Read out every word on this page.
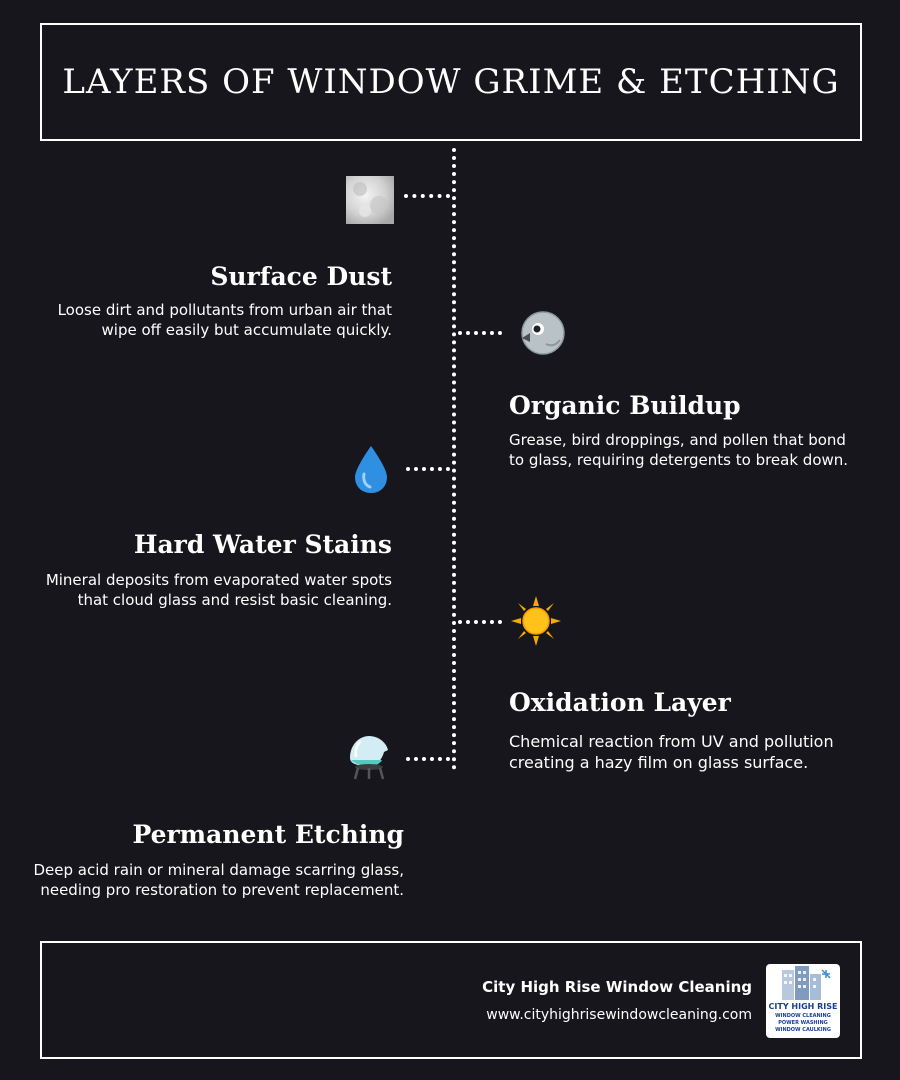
LAYERS OF WINDOW GRIME & ETCHING
Surface Dust

Loose dirt and pollutants from urban air that wipe off easily but accumulate quickly.

Organic Buildup

Grease, bird droppings, and pollen that bond to glass, requiring detergents to break down.

Hard Water Stains

Mineral deposits from evaporated water spots that cloud glass and resist basic cleaning.

Oxidation Layer

Chemical reaction from UV and pollution creating a hazy film on glass surface.

Permanent Etching

Deep acid rain or mineral damage scarring glass, needing pro restoration to prevent replacement.

City High Rise Window Cleaning
www.cityhighrisewindowcleaning.com
CITY HIGH RISE
WINDOW CLEANING
POWER WASHING
WINDOW CAULKING
